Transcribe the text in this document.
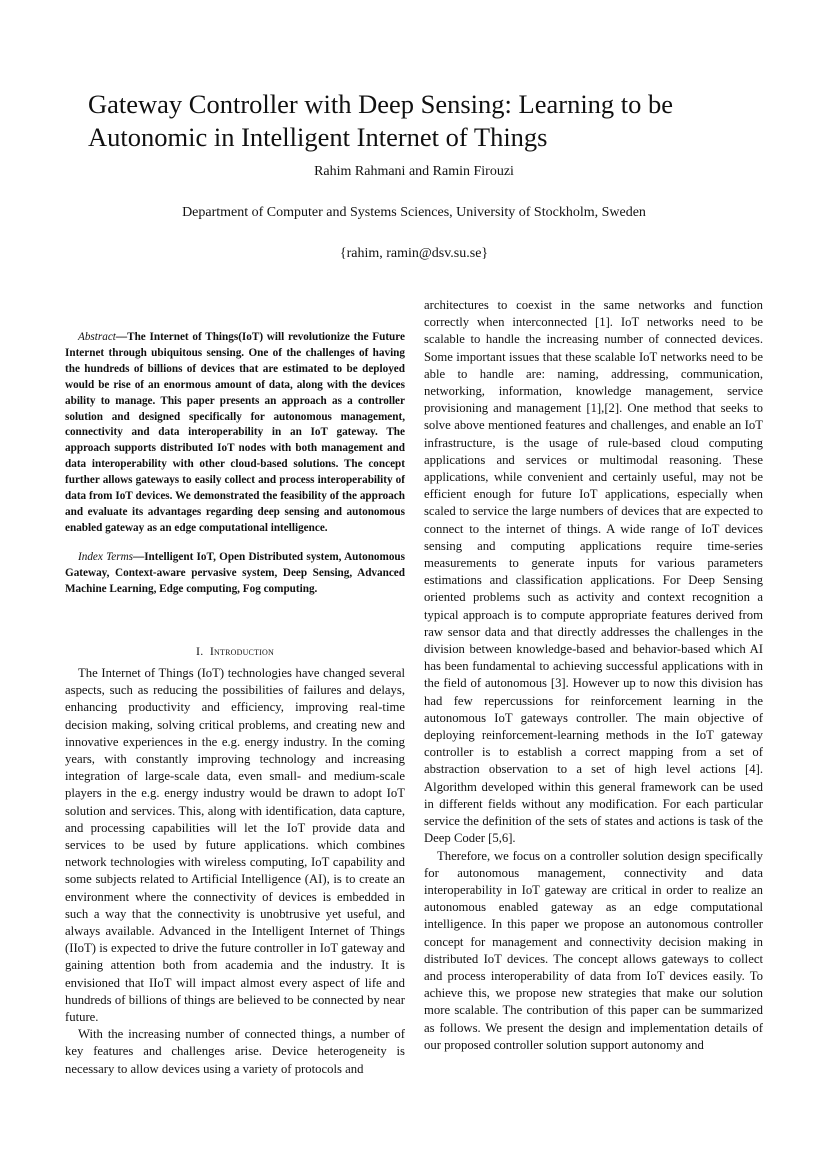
Gateway Controller with Deep Sensing: Learning to be Autonomic in Intelligent Internet of Things
Rahim Rahmani and Ramin Firouzi
Department of Computer and Systems Sciences, University of Stockholm, Sweden
{rahim, ramin@dsv.su.se}

Abstract—The Internet of Things(IoT) will revolutionize the Future Internet through ubiquitous sensing. One of the challenges of having the hundreds of billions of devices that are estimated to be deployed would be rise of an enormous amount of data, along with the devices ability to manage. This paper presents an approach as a controller solution and designed specifically for autonomous management, connectivity and data interoperability in an IoT gateway. The approach supports distributed IoT nodes with both management and data interoperability with other cloud-based solutions. The concept further allows gateways to easily collect and process interoperability of data from IoT devices. We demonstrated the feasibility of the approach and evaluate its advantages regarding deep sensing and autonomous enabled gateway as an edge computational intelligence.

Index Terms—Intelligent IoT, Open Distributed system, Autonomous Gateway, Context-aware pervasive system, Deep Sensing, Advanced Machine Learning, Edge computing, Fog computing.

I. Introduction

The Internet of Things (IoT) technologies have changed several aspects, such as reducing the possibilities of failures and delays, enhancing productivity and efficiency, improving real-time decision making, solving critical problems, and creating new and innovative experiences in the e.g. energy industry. In the coming years, with constantly improving technology and increasing integration of large-scale data, even small- and medium-scale players in the e.g. energy industry would be drawn to adopt IoT solution and services. This, along with identification, data capture, and processing capabilities will let the IoT provide data and services to be used by future applications. which combines network technologies with wireless computing, IoT capability and some subjects related to Artificial Intelligence (AI), is to create an environment where the connectivity of devices is embedded in such a way that the connectivity is unobtrusive yet useful, and always available. Advanced in the Intelligent Internet of Things (IIoT) is expected to drive the future controller in IoT gateway and gaining attention both from academia and the industry. It is envisioned that IIoT will impact almost every aspect of life and hundreds of billions of things are believed to be connected by near future.

With the increasing number of connected things, a number of key features and challenges arise. Device heterogeneity is necessary to allow devices using a variety of protocols and

architectures to coexist in the same networks and function correctly when interconnected [1]. IoT networks need to be scalable to handle the increasing number of connected devices. Some important issues that these scalable IoT networks need to be able to handle are: naming, addressing, communication, networking, information, knowledge management, service provisioning and management [1],[2]. One method that seeks to solve above mentioned features and challenges, and enable an IoT infrastructure, is the usage of rule-based cloud computing applications and services or multimodal reasoning. These applications, while convenient and certainly useful, may not be efficient enough for future IoT applications, especially when scaled to service the large numbers of devices that are expected to connect to the internet of things. A wide range of IoT devices sensing and computing applications require time-series measurements to generate inputs for various parameters estimations and classification applications. For Deep Sensing oriented problems such as activity and context recognition a typical approach is to compute appropriate features derived from raw sensor data and that directly addresses the challenges in the division between knowledge-based and behavior-based which AI has been fundamental to achieving successful applications with in the field of autonomous [3]. However up to now this division has had few repercussions for reinforcement learning in the autonomous IoT gateways controller. The main objective of deploying reinforcement-learning methods in the IoT gateway controller is to establish a correct mapping from a set of abstraction observation to a set of high level actions [4]. Algorithm developed within this general framework can be used in different fields without any modification. For each particular service the definition of the sets of states and actions is task of the Deep Coder [5,6].

Therefore, we focus on a controller solution design specifically for autonomous management, connectivity and data interoperability in IoT gateway are critical in order to realize an autonomous enabled gateway as an edge computational intelligence. In this paper we propose an autonomous controller concept for management and connectivity decision making in distributed IoT devices. The concept allows gateways to collect and process interoperability of data from IoT devices easily. To achieve this, we propose new strategies that make our solution more scalable. The contribution of this paper can be summarized as follows. We present the design and implementation details of our proposed controller solution support autonomy and
